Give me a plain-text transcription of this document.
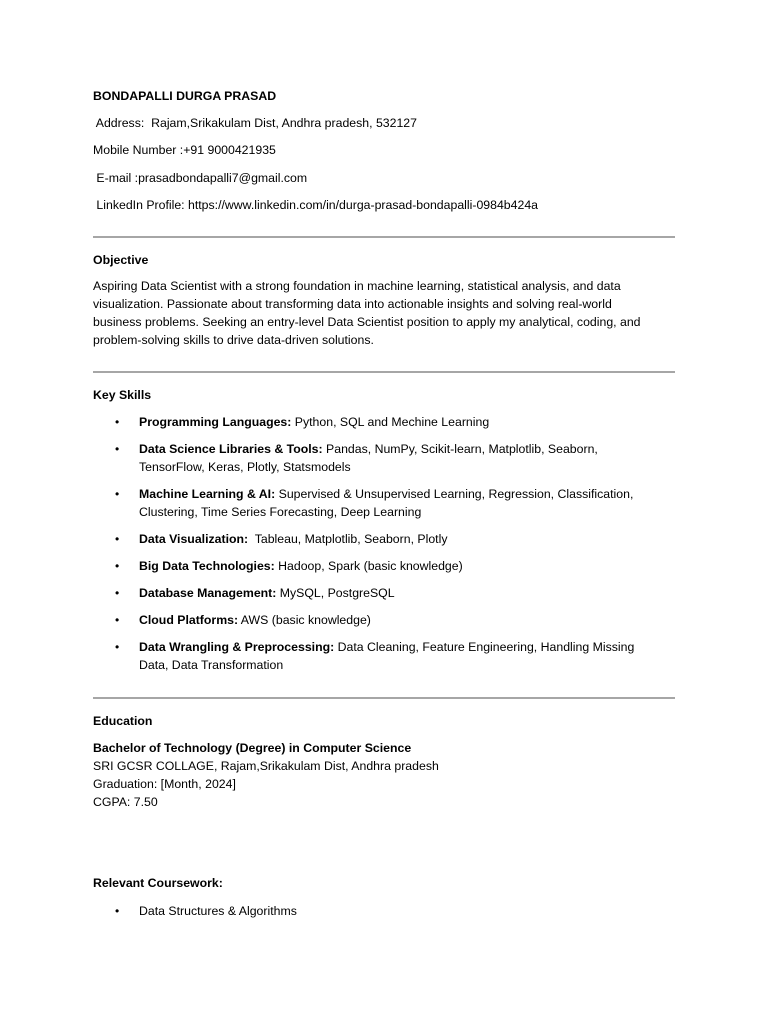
BONDAPALLI DURGA PRASAD
Address:  Rajam,Srikakulam Dist, Andhra pradesh, 532127
Mobile Number :+91 9000421935
E-mail :prasadbondapalli7@gmail.com
LinkedIn Profile: https://www.linkedin.com/in/durga-prasad-bondapalli-0984b424a
Objective
Aspiring Data Scientist with a strong foundation in machine learning, statistical analysis, and data
visualization. Passionate about transforming data into actionable insights and solving real-world
business problems. Seeking an entry-level Data Scientist position to apply my analytical, coding, and
problem-solving skills to drive data-driven solutions.
Key Skills
• Programming Languages: Python, SQL and Mechine Learning
• Data Science Libraries & Tools: Pandas, NumPy, Scikit-learn, Matplotlib, Seaborn,
TensorFlow, Keras, Plotly, Statsmodels
• Machine Learning & AI: Supervised & Unsupervised Learning, Regression, Classification,
Clustering, Time Series Forecasting, Deep Learning
• Data Visualization:  Tableau, Matplotlib, Seaborn, Plotly
• Big Data Technologies: Hadoop, Spark (basic knowledge)
• Database Management: MySQL, PostgreSQL
• Cloud Platforms: AWS (basic knowledge)
• Data Wrangling & Preprocessing: Data Cleaning, Feature Engineering, Handling Missing
Data, Data Transformation
Education
Bachelor of Technology (Degree) in Computer Science
SRI GCSR COLLAGE, Rajam,Srikakulam Dist, Andhra pradesh
Graduation: [Month, 2024]
CGPA: 7.50
Relevant Coursework:
• Data Structures & Algorithms
